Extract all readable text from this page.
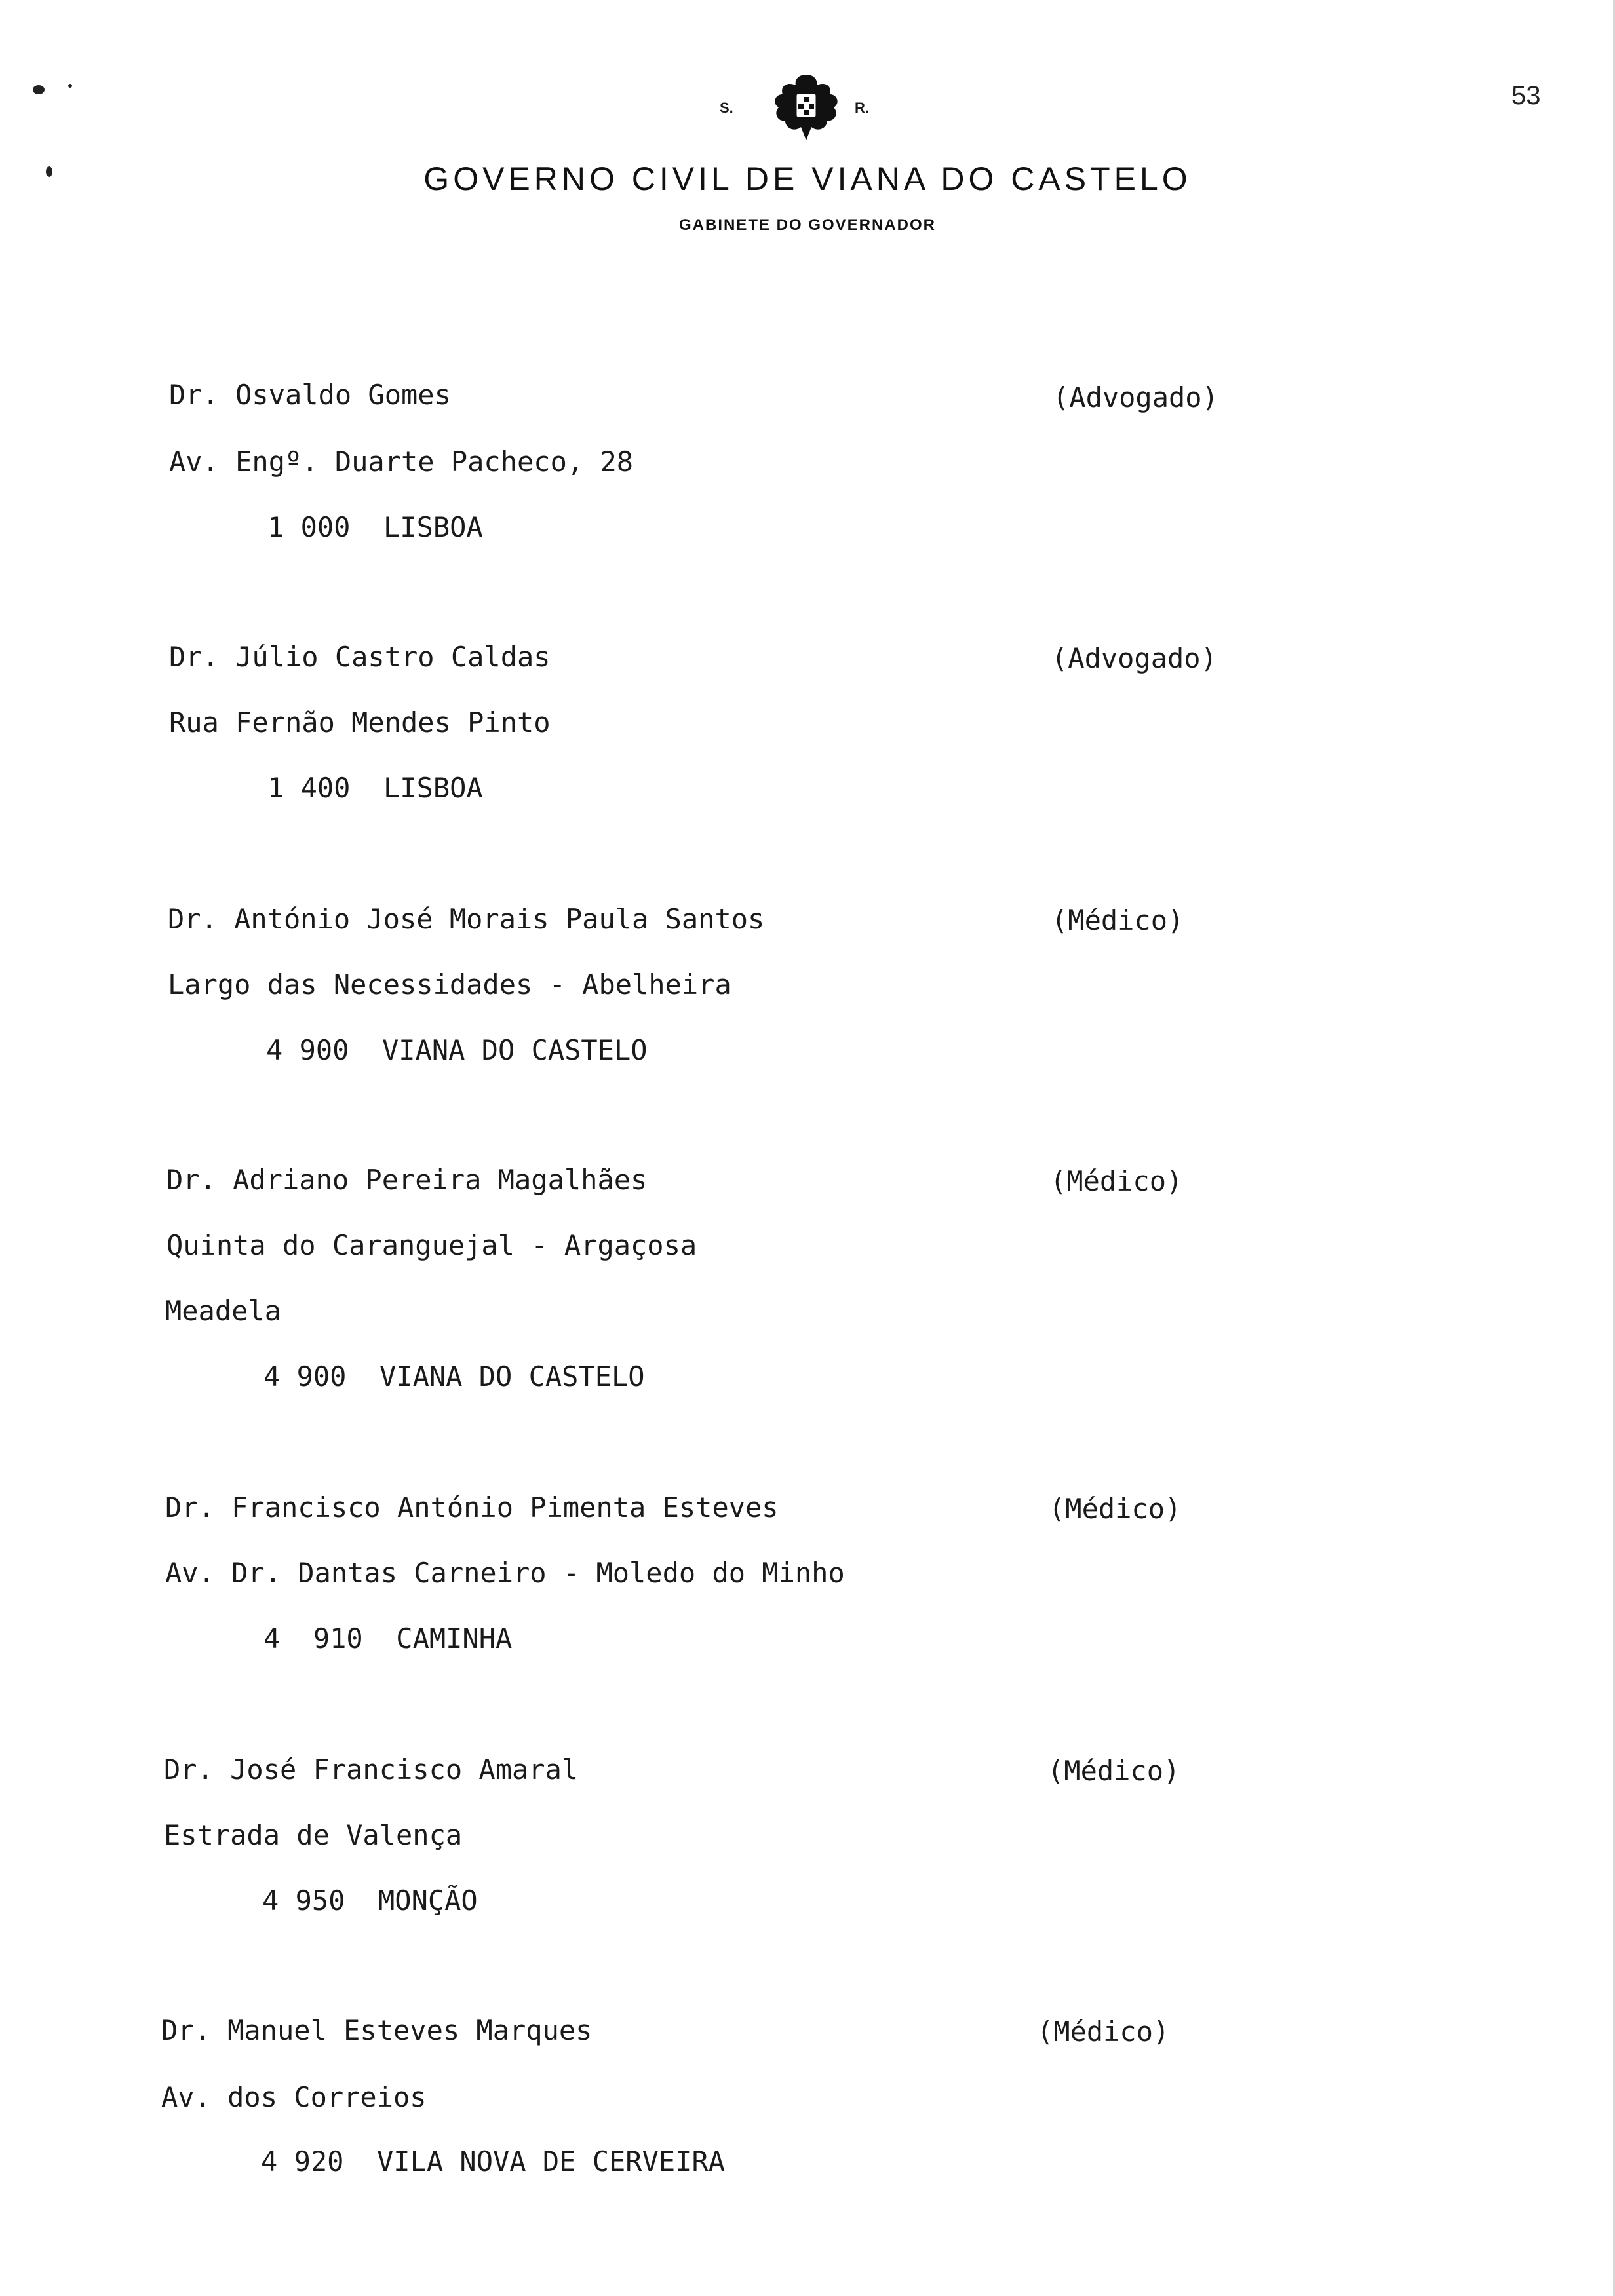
53
S.	R.
GOVERNO CIVIL DE VIANA DO CASTELO
GABINETE DO GOVERNADOR
Dr. Osvaldo Gomes	(Advogado)
Av. Engº. Duarte Pacheco, 28
1 000  LISBOA
Dr. Júlio Castro Caldas	(Advogado)
Rua Fernão Mendes Pinto
1 400  LISBOA
Dr. António José Morais Paula Santos	(Médico)
Largo das Necessidades - Abelheira
4 900  VIANA DO CASTELO
Dr. Adriano Pereira Magalhães	(Médico)
Quinta do Caranguejal - Argaçosa
Meadela
4 900  VIANA DO CASTELO
Dr. Francisco António Pimenta Esteves	(Médico)
Av. Dr. Dantas Carneiro - Moledo do Minho
4  910  CAMINHA
Dr. José Francisco Amaral	(Médico)
Estrada de Valença
4 950  MONÇÃO
Dr. Manuel Esteves Marques	(Médico)
Av. dos Correios
4 920  VILA NOVA DE CERVEIRA
